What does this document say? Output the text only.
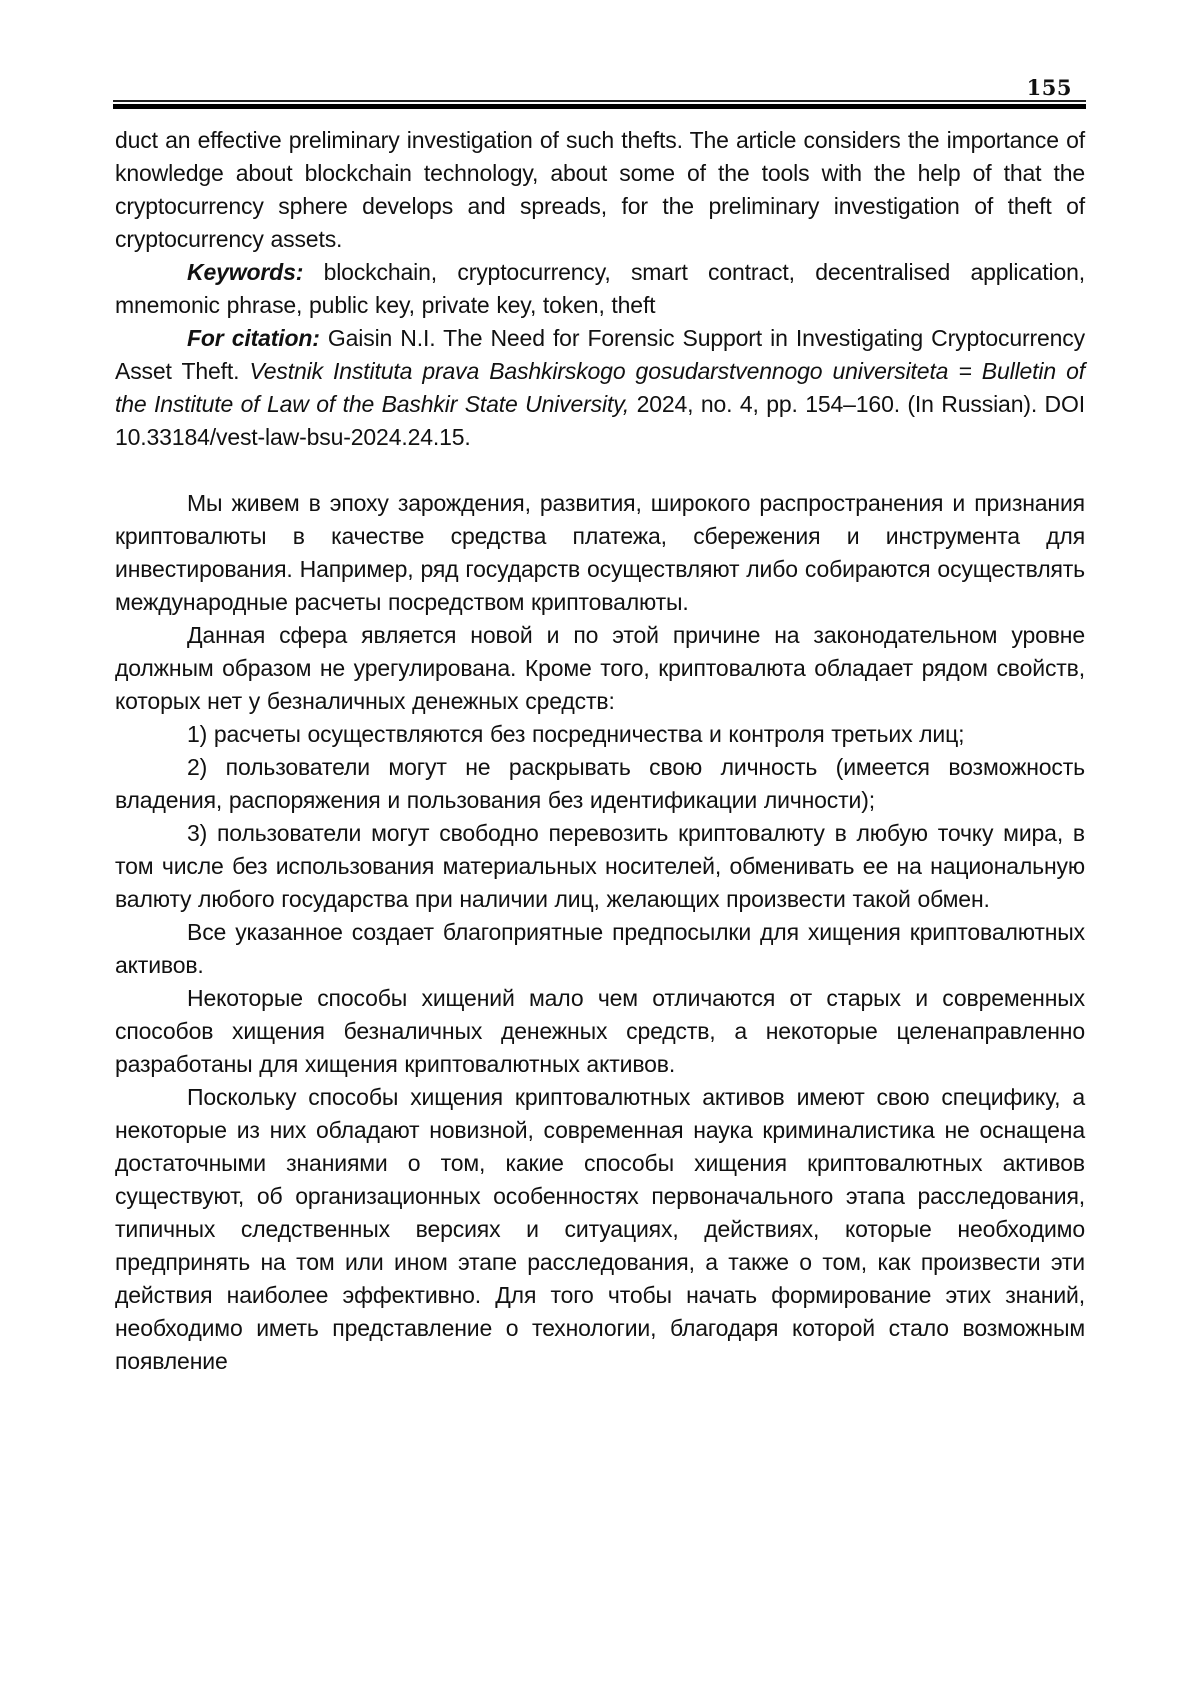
155

duct an effective preliminary investigation of such thefts. The article considers the importance of knowledge about blockchain technology, about some of the tools with the help of that the cryptocurrency sphere develops and spreads, for the preliminary investigation of theft of cryptocurrency assets.

Keywords: blockchain, cryptocurrency, smart contract, decentralised application, mnemonic phrase, public key, private key, token, theft

For citation: Gaisin N.I. The Need for Forensic Support in Investigating Cryptocurrency Asset Theft. Vestnik Instituta prava Bashkirskogo gosudarstvennogo universiteta = Bulletin of the Institute of Law of the Bashkir State University, 2024, no. 4, pp. 154–160. (In Russian). DOI 10.33184/vest-law-bsu-2024.24.15.

Мы живем в эпоху зарождения, развития, широкого распространения и признания криптовалюты в качестве средства платежа, сбережения и инструмента для инвестирования. Например, ряд государств осуществляют либо собираются осуществлять международные расчеты посредством криптовалюты.

Данная сфера является новой и по этой причине на законодательном уровне должным образом не урегулирована. Кроме того, криптовалюта обладает рядом свойств, которых нет у безналичных денежных средств:

1) расчеты осуществляются без посредничества и контроля третьих лиц;

2) пользователи могут не раскрывать свою личность (имеется возможность владения, распоряжения и пользования без идентификации личности);

3) пользователи могут свободно перевозить криптовалюту в любую точку мира, в том числе без использования материальных носителей, обменивать ее на национальную валюту любого государства при наличии лиц, желающих произвести такой обмен.

Все указанное создает благоприятные предпосылки для хищения криптовалютных активов.

Некоторые способы хищений мало чем отличаются от старых и современных способов хищения безналичных денежных средств, а некоторые целенаправленно разработаны для хищения криптовалютных активов.

Поскольку способы хищения криптовалютных активов имеют свою специфику, а некоторые из них обладают новизной, современная наука криминалистика не оснащена достаточными знаниями о том, какие способы хищения криптовалютных активов существуют, об организационных особенностях первоначального этапа расследования, типичных следственных версиях и ситуациях, действиях, которые необходимо предпринять на том или ином этапе расследования, а также о том, как произвести эти действия наиболее эффективно. Для того чтобы начать формирование этих знаний, необходимо иметь представление о технологии, благодаря которой стало возможным появление
